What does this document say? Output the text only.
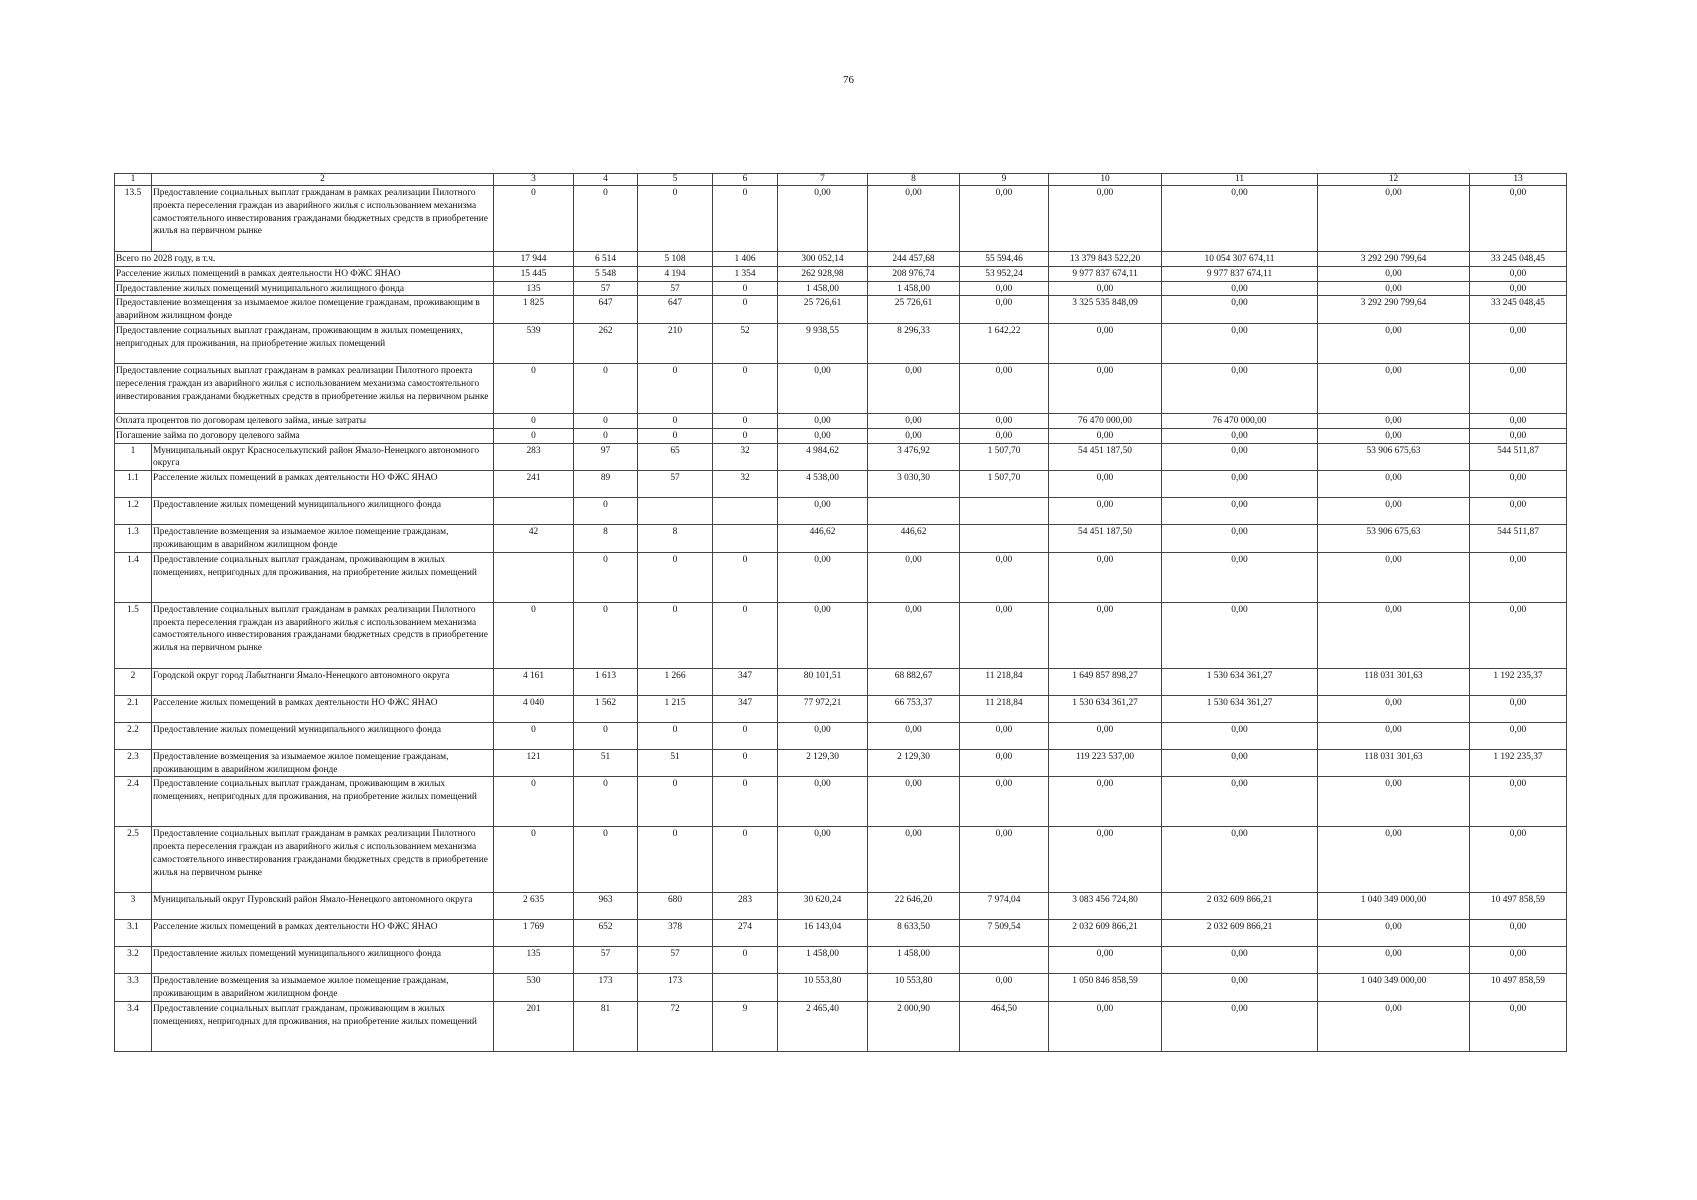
76
1	2	3	4	5	6	7	8	9	10	11	12	13
13.5	Предоставление социальных выплат гражданам в рамках реализации Пилотного проекта переселения граждан из аварийного жилья с использованием механизма самостоятельного инвестирования гражданами бюджетных средств в приобретение жилья на первичном рынке	0	0	0	0	0,00	0,00	0,00	0,00	0,00	0,00	0,00
Всего по 2028 году, в т.ч.		17 944	6 514	5 108	1 406	300 052,14	244 457,68	55 594,46	13 379 843 522,20	10 054 307 674,11	3 292 290 799,64	33 245 048,45
Расселение жилых помещений в рамках деятельности НО ФЖС ЯНАО		15 445	5 548	4 194	1 354	262 928,98	208 976,74	53 952,24	9 977 837 674,11	9 977 837 674,11	0,00	0,00
Предоставление жилых помещений муниципального жилищного фонда		135	57	57	0	1 458,00	1 458,00	0,00	0,00	0,00	0,00	0,00
Предоставление возмещения за изымаемое жилое помещение гражданам, проживающим в аварийном жилищном фонде		1 825	647	647	0	25 726,61	25 726,61	0,00	3 325 535 848,09	0,00	3 292 290 799,64	33 245 048,45
Предоставление социальных выплат гражданам, проживающим в жилых помещениях, непригодных для проживания, на приобретение жилых помещений		539	262	210	52	9 938,55	8 296,33	1 642,22	0,00	0,00	0,00	0,00
Предоставление социальных выплат гражданам в рамках реализации Пилотного проекта переселения граждан из аварийного жилья с использованием механизма самостоятельного инвестирования гражданами бюджетных средств в приобретение жилья на первичном рынке		0	0	0	0	0,00	0,00	0,00	0,00	0,00	0,00	0,00
Оплата процентов по договорам целевого займа, иные затраты		0	0	0	0	0,00	0,00	0,00	76 470 000,00	76 470 000,00	0,00	0,00
Погашение займа по договору целевого займа		0	0	0	0	0,00	0,00	0,00	0,00	0,00	0,00	0,00
1	Муниципальный округ Красноселькупский район Ямало-Ненецкого автономного округа	283	97	65	32	4 984,62	3 476,92	1 507,70	54 451 187,50	0,00	53 906 675,63	544 511,87
1.1	Расселение жилых помещений в рамках деятельности НО ФЖС ЯНАО	241	89	57	32	4 538,00	3 030,30	1 507,70	0,00	0,00	0,00	0,00
1.2	Предоставление жилых помещений муниципального жилищного фонда		0			0,00			0,00	0,00	0,00	0,00
1.3	Предоставление возмещения за изымаемое жилое помещение гражданам, проживающим в аварийном жилищном фонде	42	8	8		446,62	446,62		54 451 187,50	0,00	53 906 675,63	544 511,87
1.4	Предоставление социальных выплат гражданам, проживающим в жилых помещениях, непригодных для проживания, на приобретение жилых помещений		0	0	0	0,00	0,00	0,00	0,00	0,00	0,00	0,00
1.5	Предоставление социальных выплат гражданам в рамках реализации Пилотного проекта переселения граждан из аварийного жилья с использованием механизма самостоятельного инвестирования гражданами бюджетных средств в приобретение жилья на первичном рынке	0	0	0	0	0,00	0,00	0,00	0,00	0,00	0,00	0,00
2	Городской округ город Лабытнанги Ямало-Ненецкого автономного округа	4 161	1 613	1 266	347	80 101,51	68 882,67	11 218,84	1 649 857 898,27	1 530 634 361,27	118 031 301,63	1 192 235,37
2.1	Расселение жилых помещений в рамках деятельности НО ФЖС ЯНАО	4 040	1 562	1 215	347	77 972,21	66 753,37	11 218,84	1 530 634 361,27	1 530 634 361,27	0,00	0,00
2.2	Предоставление жилых помещений муниципального жилищного фонда	0	0	0	0	0,00	0,00	0,00	0,00	0,00	0,00	0,00
2.3	Предоставление возмещения за изымаемое жилое помещение гражданам, проживающим в аварийном жилищном фонде	121	51	51	0	2 129,30	2 129,30	0,00	119 223 537,00	0,00	118 031 301,63	1 192 235,37
2.4	Предоставление социальных выплат гражданам, проживающим в жилых помещениях, непригодных для проживания, на приобретение жилых помещений	0	0	0	0	0,00	0,00	0,00	0,00	0,00	0,00	0,00
2.5	Предоставление социальных выплат гражданам в рамках реализации Пилотного проекта переселения граждан из аварийного жилья с использованием механизма самостоятельного инвестирования гражданами бюджетных средств в приобретение жилья на первичном рынке	0	0	0	0	0,00	0,00	0,00	0,00	0,00	0,00	0,00
3	Муниципальный округ Пуровский район Ямало-Ненецкого автономного округа	2 635	963	680	283	30 620,24	22 646,20	7 974,04	3 083 456 724,80	2 032 609 866,21	1 040 349 000,00	10 497 858,59
3.1	Расселение жилых помещений в рамках деятельности НО ФЖС ЯНАО	1 769	652	378	274	16 143,04	8 633,50	7 509,54	2 032 609 866,21	2 032 609 866,21	0,00	0,00
3.2	Предоставление жилых помещений муниципального жилищного фонда	135	57	57	0	1 458,00	1 458,00		0,00	0,00	0,00	0,00
3.3	Предоставление возмещения за изымаемое жилое помещение гражданам, проживающим в аварийном жилищном фонде	530	173	173		10 553,80	10 553,80	0,00	1 050 846 858,59	0,00	1 040 349 000,00	10 497 858,59
3.4	Предоставление социальных выплат гражданам, проживающим в жилых помещениях, непригодных для проживания, на приобретение жилых помещений	201	81	72	9	2 465,40	2 000,90	464,50	0,00	0,00	0,00	0,00
